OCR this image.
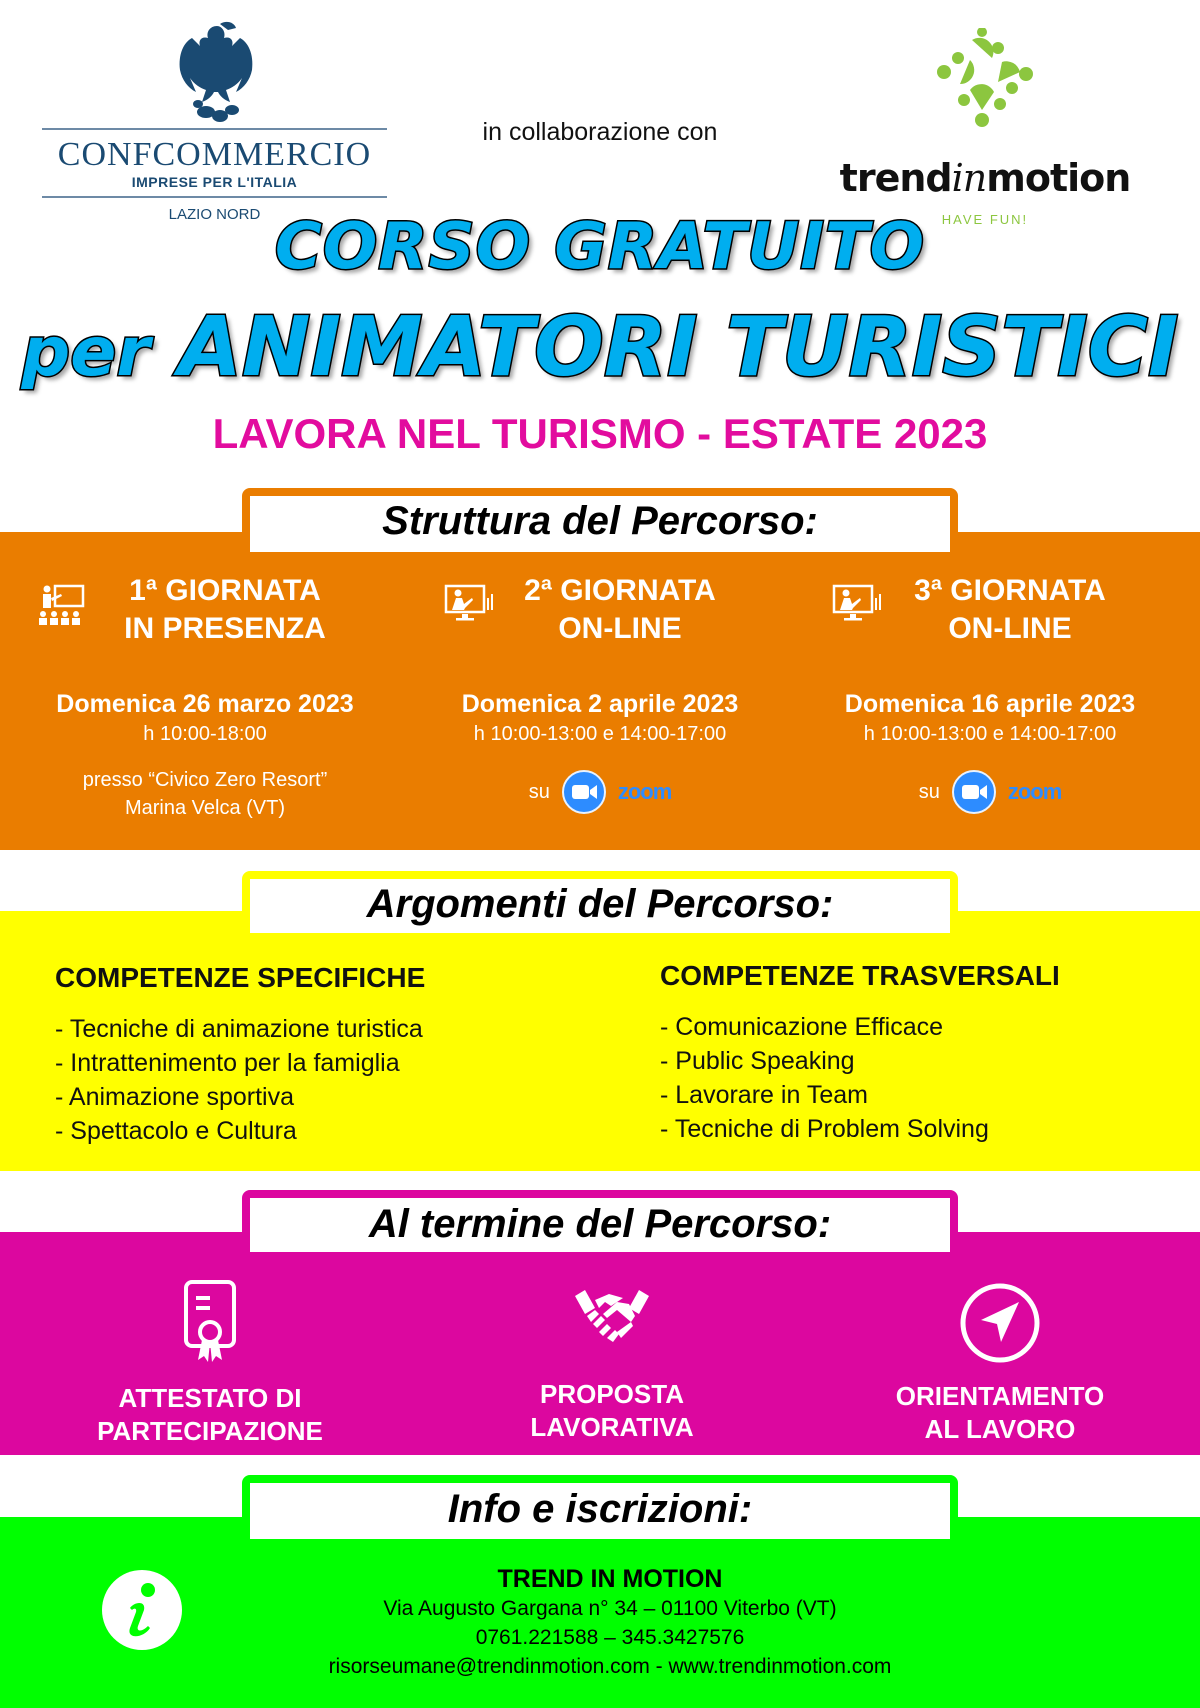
CONFCOMMERCIO
IMPRESE PER L'ITALIA
LAZIO NORD
in collaborazione con
trendinmotion
HAVE FUN!
CORSO GRATUITO
per ANIMATORI TURISTICI
LAVORA NEL TURISMO - ESTATE 2023
Struttura del Percorso:
1ª GIORNATA
IN PRESENZA
Domenica 26 marzo 2023
h 10:00-18:00
presso “Civico Zero Resort”
Marina Velca (VT)
2ª GIORNATA
ON-LINE
Domenica 2 aprile 2023
h 10:00-13:00 e 14:00-17:00
su	zoom
3ª GIORNATA
ON-LINE
Domenica 16 aprile 2023
h 10:00-13:00 e 14:00-17:00
su	zoom
Argomenti del Percorso:
COMPETENZE SPECIFICHE
- Tecniche di animazione turistica
- Intrattenimento per la famiglia
- Animazione sportiva
- Spettacolo e Cultura
COMPETENZE TRASVERSALI
- Comunicazione Efficace
- Public Speaking
- Lavorare in Team
- Tecniche di Problem Solving
Al termine del Percorso:
ATTESTATO DI
PARTECIPAZIONE
PROPOSTA
LAVORATIVA
ORIENTAMENTO
AL LAVORO
Info e iscrizioni:
TREND IN MOTION
Via Augusto Gargana n° 34 – 01100 Viterbo (VT)
0761.221588 – 345.3427576
risorseumane@trendinmotion.com - www.trendinmotion.com
